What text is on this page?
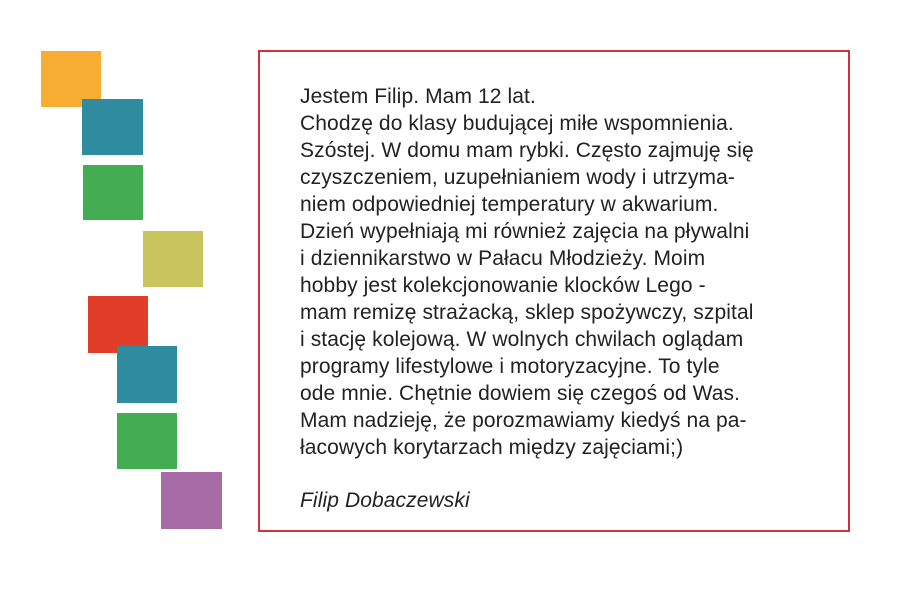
Jestem Filip. Mam 12 lat.
Chodzę do klasy budującej miłe wspomnienia.
Szóstej. W domu mam rybki. Często zajmuję się
czyszczeniem, uzupełnianiem wody i utrzyma-
niem odpowiedniej temperatury w akwarium.
Dzień wypełniają mi również zajęcia na pływalni
i dziennikarstwo w Pałacu Młodzieży. Moim
hobby jest kolekcjonowanie klocków Lego -
mam remizę strażacką, sklep spożywczy, szpital
i stację kolejową. W wolnych chwilach oglądam
programy lifestylowe i motoryzacyjne. To tyle
ode mnie. Chętnie dowiem się czegoś od Was.
Mam nadzieję, że porozmawiamy kiedyś na pa-
łacowych korytarzach między zajęciami;)
Filip Dobaczewski
